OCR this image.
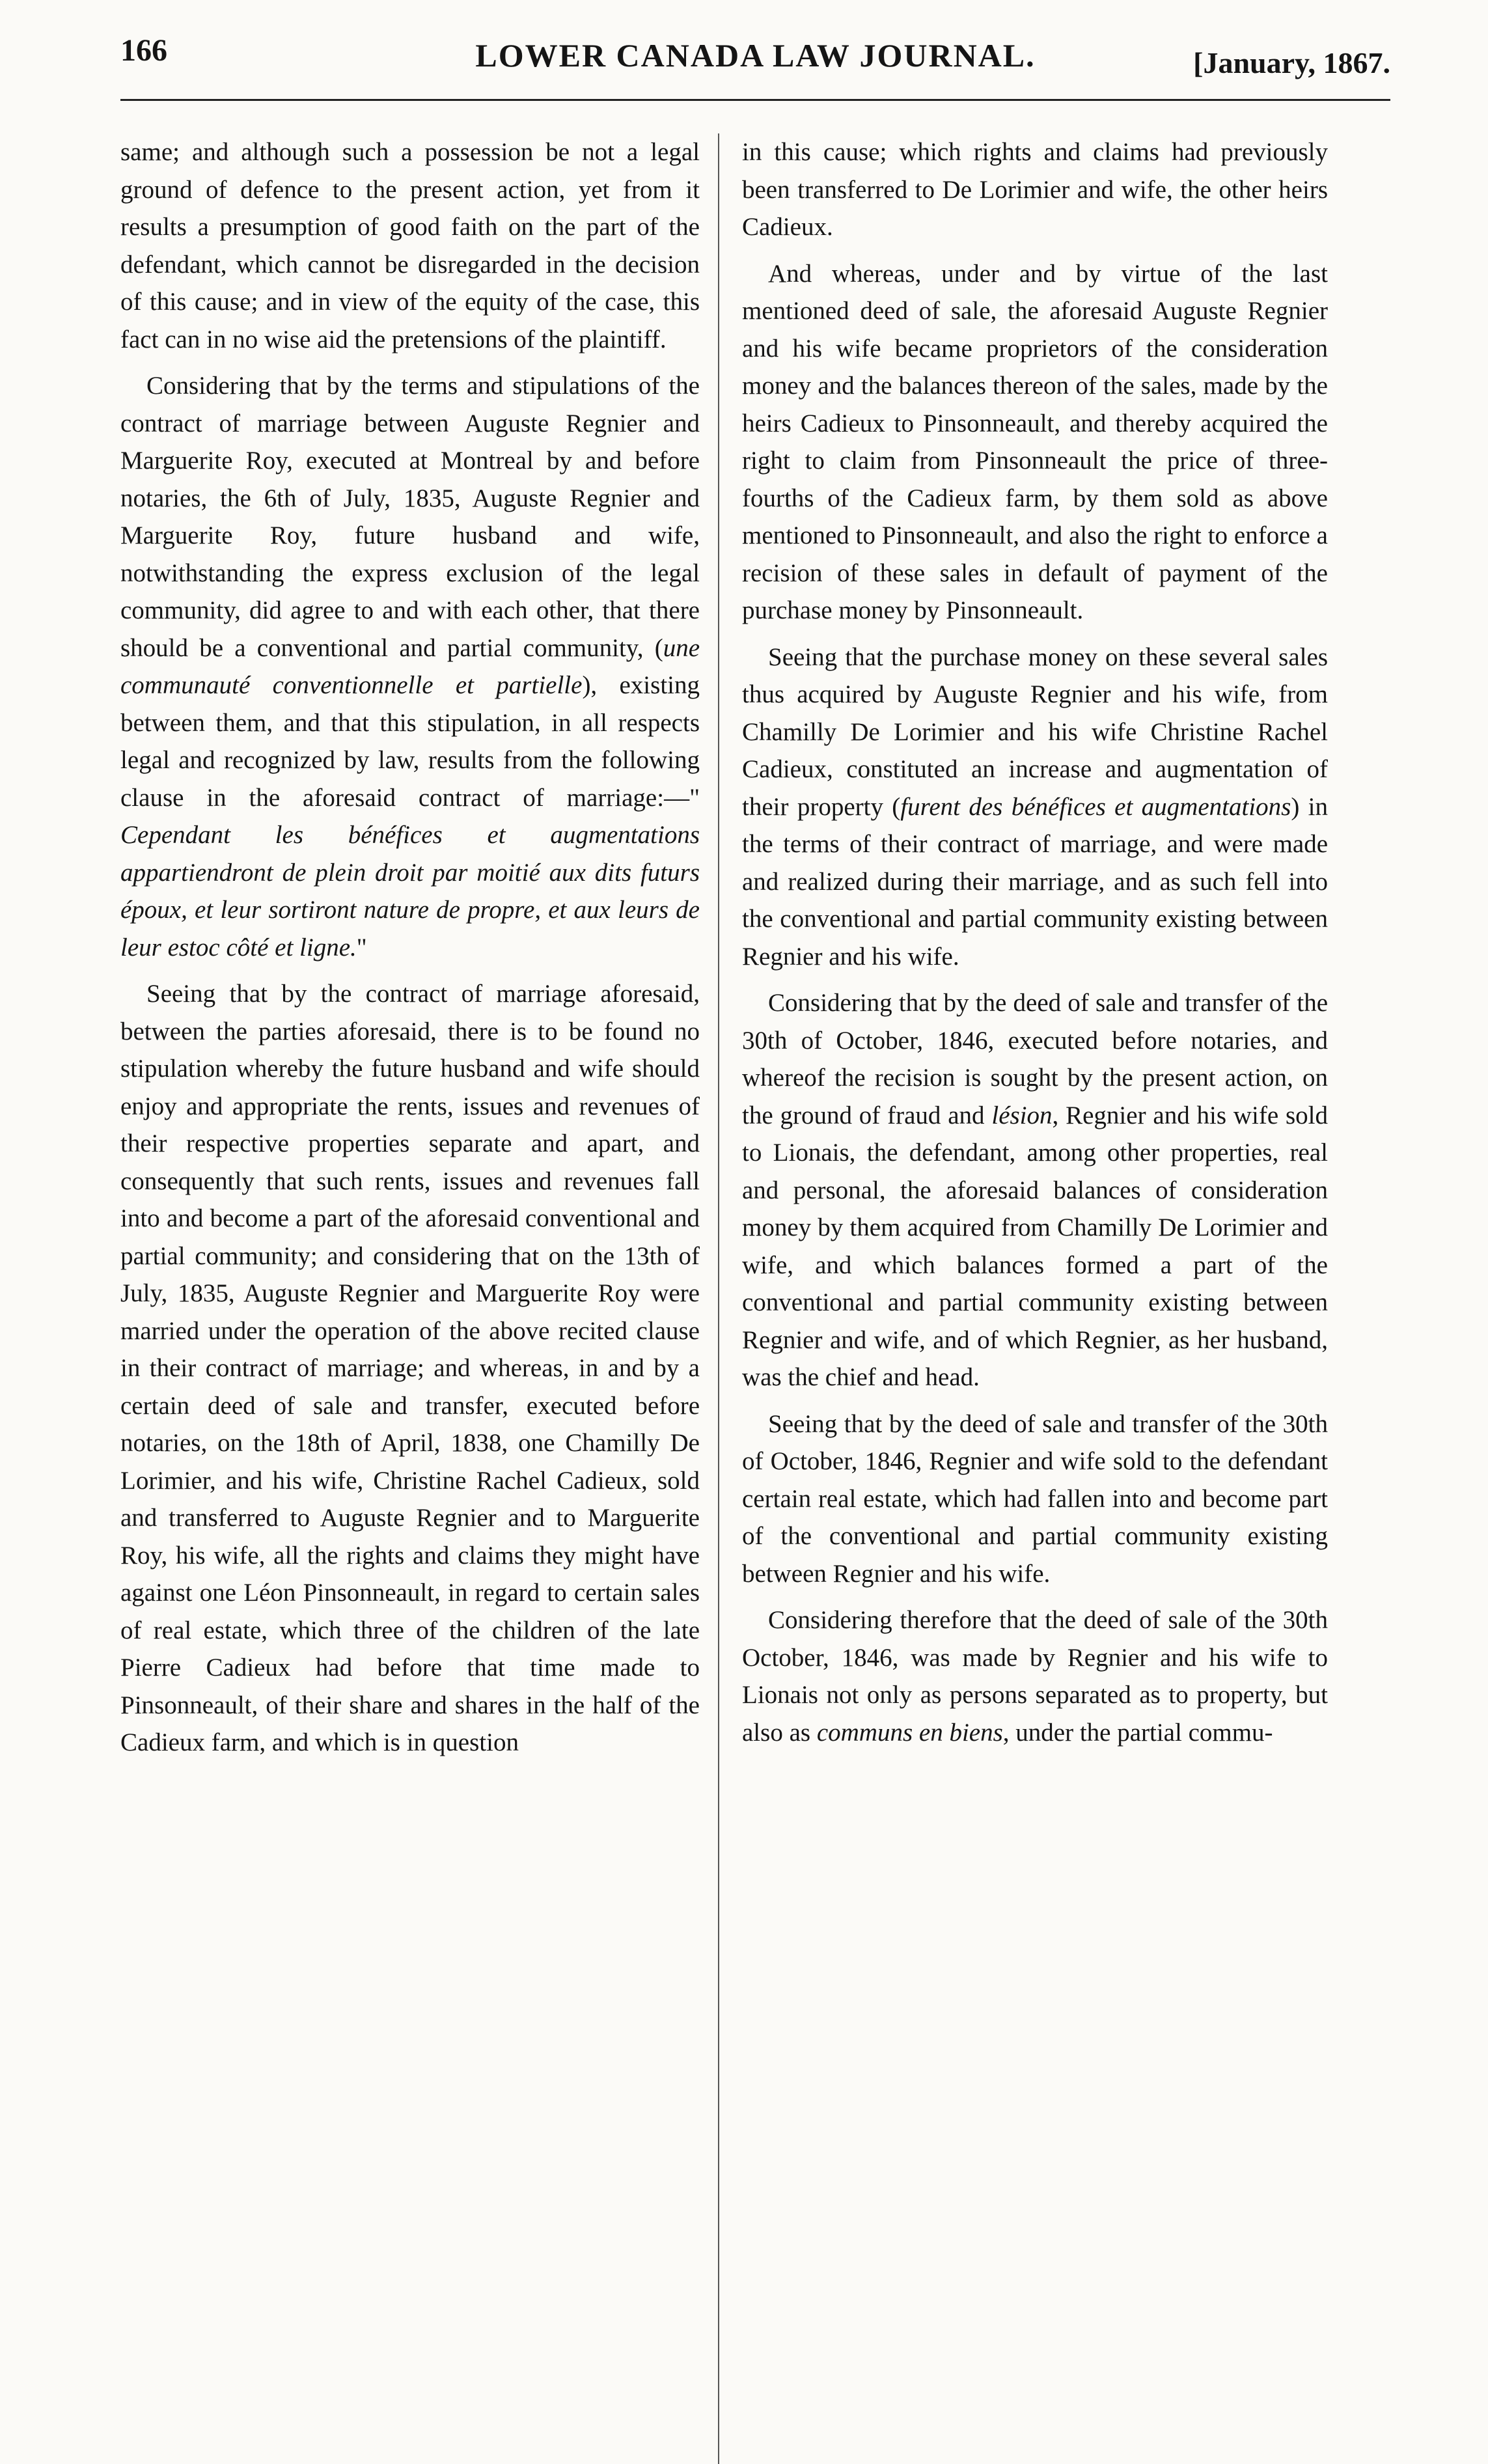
166	LOWER CANADA LAW JOURNAL.	[January, 1867.

same; and although such a possession be not a legal ground of defence to the present action, yet from it results a presumption of good faith on the part of the defendant, which cannot be disregarded in the decision of this cause; and in view of the equity of the case, this fact can in no wise aid the pretensions of the plaintiff.

Considering that by the terms and stipulations of the contract of marriage between Auguste Regnier and Marguerite Roy, executed at Montreal by and before notaries, the 6th of July, 1835, Auguste Regnier and Marguerite Roy, future husband and wife, notwithstanding the express exclusion of the legal community, did agree to and with each other, that there should be a conventional and partial community, (une communauté conventionnelle et partielle), existing between them, and that this stipulation, in all respects legal and recognized by law, results from the following clause in the aforesaid contract of marriage:—" Cependant les bénéfices et augmentations appartiendront de plein droit par moitié aux dits futurs époux, et leur sortiront nature de propre, et aux leurs de leur estoc côté et ligne."

Seeing that by the contract of marriage aforesaid, between the parties aforesaid, there is to be found no stipulation whereby the future husband and wife should enjoy and appropriate the rents, issues and revenues of their respective properties separate and apart, and consequently that such rents, issues and revenues fall into and become a part of the aforesaid conventional and partial community; and considering that on the 13th of July, 1835, Auguste Regnier and Marguerite Roy were married under the operation of the above recited clause in their contract of marriage; and whereas, in and by a certain deed of sale and transfer, executed before notaries, on the 18th of April, 1838, one Chamilly De Lorimier, and his wife, Christine Rachel Cadieux, sold and transferred to Auguste Regnier and to Marguerite Roy, his wife, all the rights and claims they might have against one Léon Pinsonneault, in regard to certain sales of real estate, which three of the children of the late Pierre Cadieux had before that time made to Pinsonneault, of their share and shares in the half of the Cadieux farm, and which is in question

in this cause; which rights and claims had previously been transferred to De Lorimier and wife, the other heirs Cadieux.

And whereas, under and by virtue of the last mentioned deed of sale, the aforesaid Auguste Regnier and his wife became proprietors of the consideration money and the balances thereon of the sales, made by the heirs Cadieux to Pinsonneault, and thereby acquired the right to claim from Pinsonneault the price of three-fourths of the Cadieux farm, by them sold as above mentioned to Pinsonneault, and also the right to enforce a recision of these sales in default of payment of the purchase money by Pinsonneault.

Seeing that the purchase money on these several sales thus acquired by Auguste Regnier and his wife, from Chamilly De Lorimier and his wife Christine Rachel Cadieux, constituted an increase and augmentation of their property (furent des bénéfices et augmentations) in the terms of their contract of marriage, and were made and realized during their marriage, and as such fell into the conventional and partial community existing between Regnier and his wife.

Considering that by the deed of sale and transfer of the 30th of October, 1846, executed before notaries, and whereof the recision is sought by the present action, on the ground of fraud and lésion, Regnier and his wife sold to Lionais, the defendant, among other properties, real and personal, the aforesaid balances of consideration money by them acquired from Chamilly De Lorimier and wife, and which balances formed a part of the conventional and partial community existing between Regnier and wife, and of which Regnier, as her husband, was the chief and head.

Seeing that by the deed of sale and transfer of the 30th of October, 1846, Regnier and wife sold to the defendant certain real estate, which had fallen into and become part of the conventional and partial community existing between Regnier and his wife.

Considering therefore that the deed of sale of the 30th October, 1846, was made by Regnier and his wife to Lionais not only as persons separated as to property, but also as communs en biens, under the partial commu-
